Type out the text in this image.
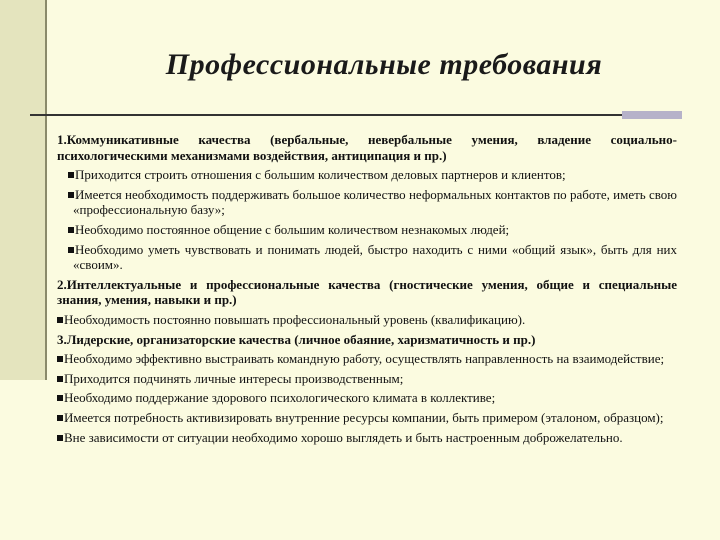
Профессиональные требования

1.Коммуникативные качества (вербальные, невербальные умения, владение социально-психологическими механизмами воздействия, антиципация и пр.)

Приходится строить отношения с большим количеством деловых партнеров и клиентов;

Имеется необходимость поддерживать большое количество неформальных контактов по работе, иметь свою «профессиональную базу»;

Необходимо постоянное общение с большим количеством незнакомых людей;

Необходимо уметь чувствовать и понимать людей, быстро находить с ними «общий язык», быть для них «своим».

2.Интеллектуальные и профессиональные качества (гностические умения, общие и специальные знания, умения, навыки и пр.)

Необходимость постоянно повышать профессиональный уровень (квалификацию).

3.Лидерские, организаторские качества (личное обаяние, харизматичность и пр.)

Необходимо эффективно выстраивать командную работу, осуществлять направленность на взаимодействие;

Приходится подчинять личные интересы производственным;

Необходимо поддержание здорового психологического климата в коллективе;

Имеется потребность активизировать внутренние ресурсы компании, быть примером (эталоном, образцом);

Вне зависимости от ситуации необходимо хорошо выглядеть и быть настроенным доброжелательно.
